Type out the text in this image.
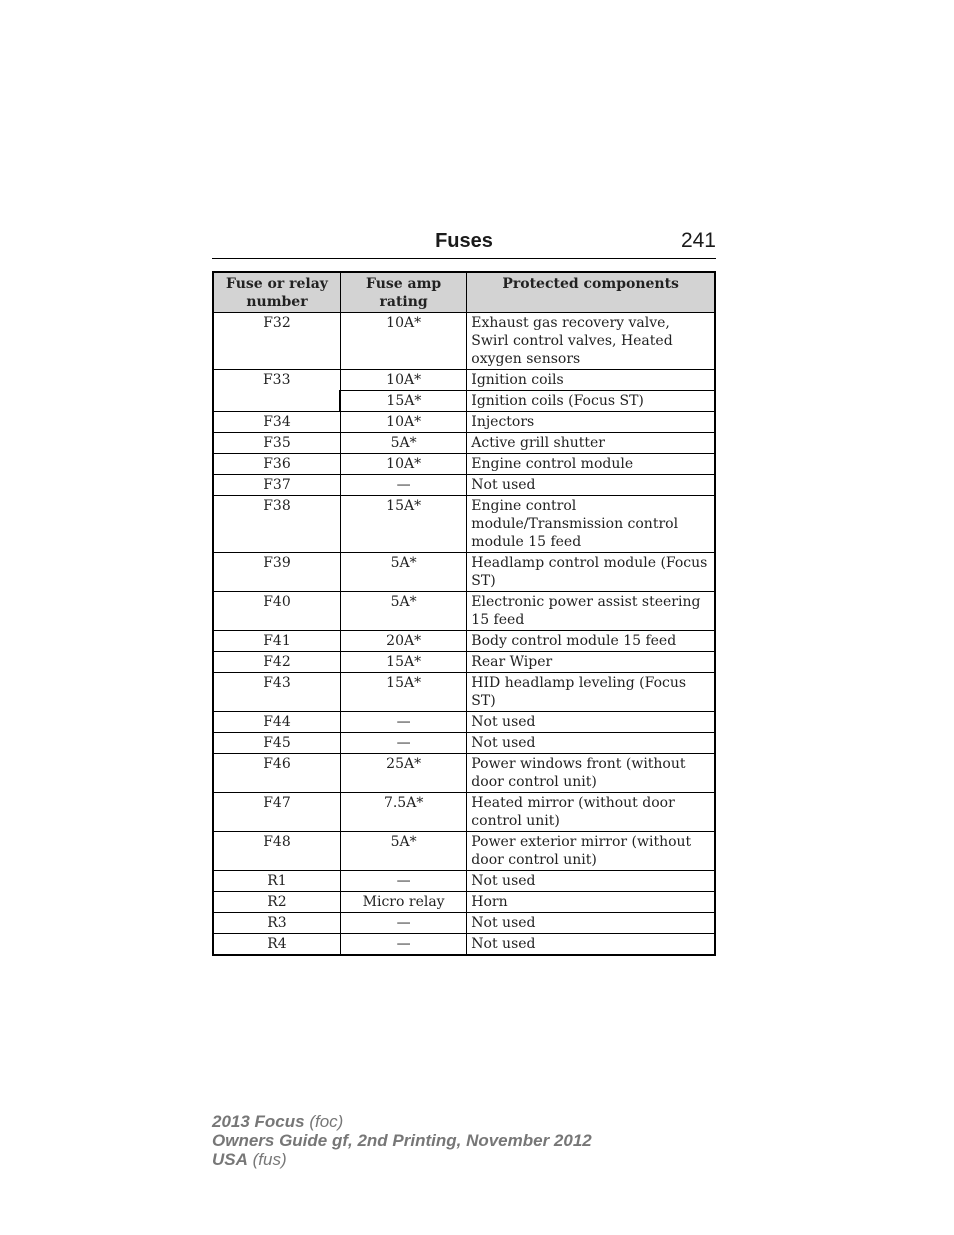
Fuses	241
Fuse or relay number	Fuse amp rating	Protected components
F32	10A*	Exhaust gas recovery valve, Swirl control valves, Heated oxygen sensors
F33	10A*	Ignition coils
	15A*	Ignition coils (Focus ST)
F34	10A*	Injectors
F35	5A*	Active grill shutter
F36	10A*	Engine control module
F37	—	Not used
F38	15A*	Engine control module/Transmission control module 15 feed
F39	5A*	Headlamp control module (Focus ST)
F40	5A*	Electronic power assist steering 15 feed
F41	20A*	Body control module 15 feed
F42	15A*	Rear Wiper
F43	15A*	HID headlamp leveling (Focus ST)
F44	—	Not used
F45	—	Not used
F46	25A*	Power windows front (without door control unit)
F47	7.5A*	Heated mirror (without door control unit)
F48	5A*	Power exterior mirror (without door control unit)
R1	—	Not used
R2	Micro relay	Horn
R3	—	Not used
R4	—	Not used
2013 Focus (foc)
Owners Guide gf, 2nd Printing, November 2012
USA (fus)
